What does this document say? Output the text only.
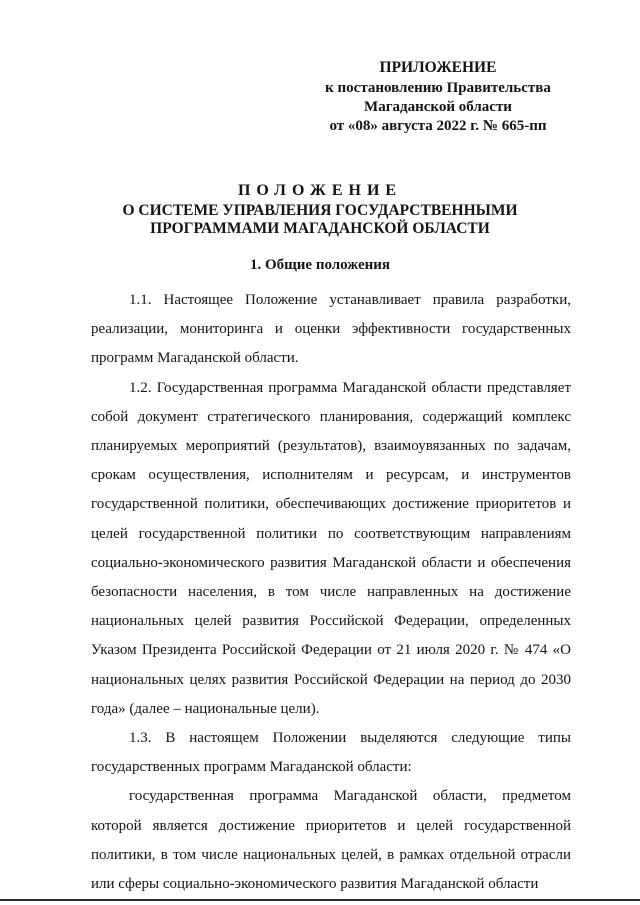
ПРИЛОЖЕНИЕ
к постановлению Правительства
Магаданской области
от «08» августа 2022 г. № 665-пп
ПОЛОЖЕНИЕ
О СИСТЕМЕ УПРАВЛЕНИЯ ГОСУДАРСТВЕННЫМИ
ПРОГРАММАМИ МАГАДАНСКОЙ ОБЛАСТИ
1. Общие положения

1.1. Настоящее Положение устанавливает правила разработки, реализации, мониторинга и оценки эффективности государственных программ Магаданской области.

1.2. Государственная программа Магаданской области представляет собой документ стратегического планирования, содержащий комплекс планируемых мероприятий (результатов), взаимоувязанных по задачам, срокам осуществления, исполнителям и ресурсам, и инструментов государственной политики, обеспечивающих достижение приоритетов и целей государственной политики по соответствующим направлениям социально-экономического развития Магаданской области и обеспечения безопасности населения, в том числе направленных на достижение национальных целей развития Российской Федерации, определенных Указом Президента Российской Федерации от 21 июля 2020 г. № 474 «О национальных целях развития Российской Федерации на период до 2030 года» (далее – национальные цели).

1.3. В настоящем Положении выделяются следующие типы государственных программ Магаданской области:

государственная программа Магаданской области, предметом которой является достижение приоритетов и целей государственной политики, в том числе национальных целей, в рамках отдельной отрасли или сферы социально-экономического развития Магаданской области
